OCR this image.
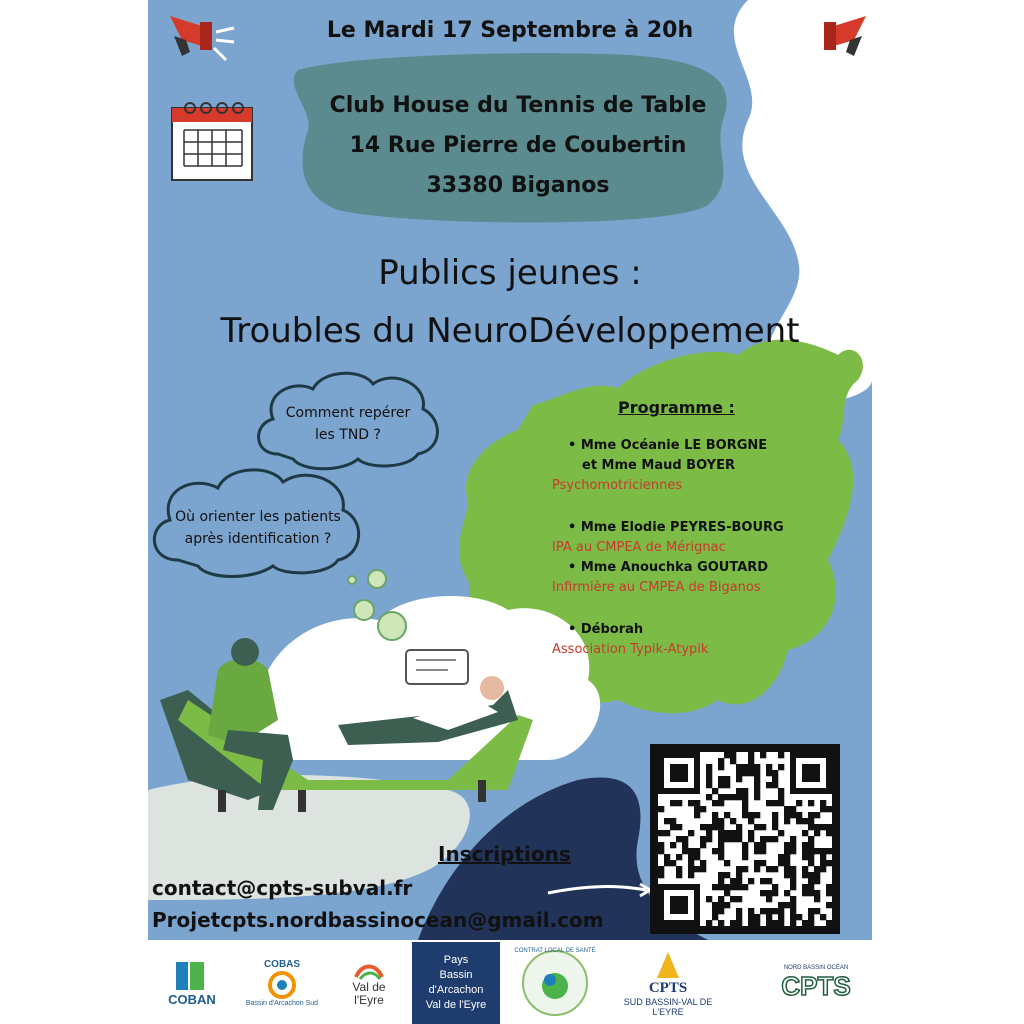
Le Mardi 17 Septembre à 20h
Club House du Tennis de Table
14 Rue Pierre de Coubertin
33380 Biganos
Publics jeunes :
Troubles du NeuroDéveloppement
Comment repérer
les TND ?
Où orienter les patients
après identification ?
Programme :
• Mme Océanie LE BORGNE
et Mme Maud BOYER
Psychomotriciennes
• Mme Elodie PEYRES-BOURG
IPA au CMPEA de Mérignac
• Mme Anouchka GOUTARD
Infirmière au CMPEA de Biganos
• Déborah
Association Typik-Atypik
Inscriptions
contact@cpts-subval.fr
Projetcpts.nordbassinocean@gmail.com
COBAN
COBAS
Bassin d'Arcachon Sud
Val de
l'Eyre
Pays
Bassin d'Arcachon
Val de l'Eyre
CONTRAT LOCAL DE SANTÉ
CPTS
SUD BASSIN-VAL DE L'EYRE
NORD BASSIN OCÉAN
CPTS
